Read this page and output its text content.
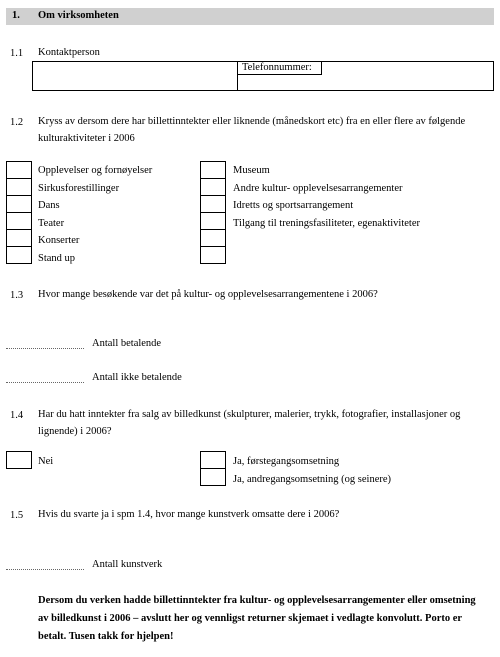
1. Om virksomheten
1.1 Kontaktperson
Telefonnummer:
1.2 Kryss av dersom dere har billettinntekter eller liknende (månedskort etc) fra en eller flere av følgende kulturaktiviteter i 2006
Opplevelser og fornøyelser
Sirkusforestillinger
Dans
Teater
Konserter
Stand up
Museum
Andre kultur- opplevelsesarrangementer
Idretts og sportsarrangement
Tilgang til treningsfasiliteter, egenaktiviteter
1.3 Hvor mange besøkende var det på kultur- og opplevelsesarrangementene i 2006?
Antall betalende
Antall ikke betalende
1.4 Har du hatt inntekter fra salg av billedkunst (skulpturer, malerier, trykk, fotografier, installasjoner og lignende) i 2006?
Nei	Ja, førstegangsomsetning
Ja, andregangsomsetning (og seinere)
1.5 Hvis du svarte ja i spm 1.4, hvor mange kunstverk omsatte dere i 2006?
Antall kunstverk
Dersom du verken hadde billettinntekter fra kultur- og opplevelsesarrangementer eller omsetning av billedkunst i 2006 – avslutt her og vennligst returner skjemaet i vedlagte konvolutt. Porto er betalt. Tusen takk for hjelpen!
